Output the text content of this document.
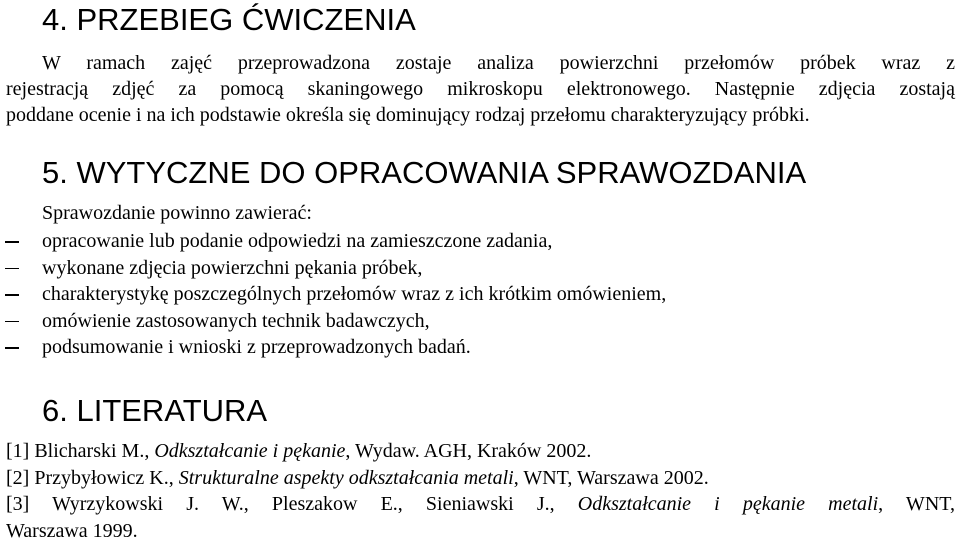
4. PRZEBIEG ĆWICZENIA
W ramach zajęć przeprowadzona zostaje analiza powierzchni przełomów próbek wraz z
rejestracją zdjęć za pomocą skaningowego mikroskopu elektronowego. Następnie zdjęcia zostają
poddane ocenie i na ich podstawie określa się dominujący rodzaj przełomu charakteryzujący próbki.
5. WYTYCZNE DO OPRACOWANIA SPRAWOZDANIA

Sprawozdanie powinno zawierać:

opracowanie lub podanie odpowiedzi na zamieszczone zadania,
wykonane zdjęcia powierzchni pękania próbek,
charakterystykę poszczególnych przełomów wraz z ich krótkim omówieniem,
omówienie zastosowanych technik badawczych,
podsumowanie i wnioski z przeprowadzonych badań.
6. LITERATURA
[1] Blicharski M., Odkształcanie i pękanie, Wydaw. AGH, Kraków 2002.
[2] Przybyłowicz K., Strukturalne aspekty odkształcania metali, WNT, Warszawa 2002.
[3] Wyrzykowski J. W., Pleszakow E., Sieniawski J., Odkształcanie i pękanie metali, WNT,
Warszawa 1999.
